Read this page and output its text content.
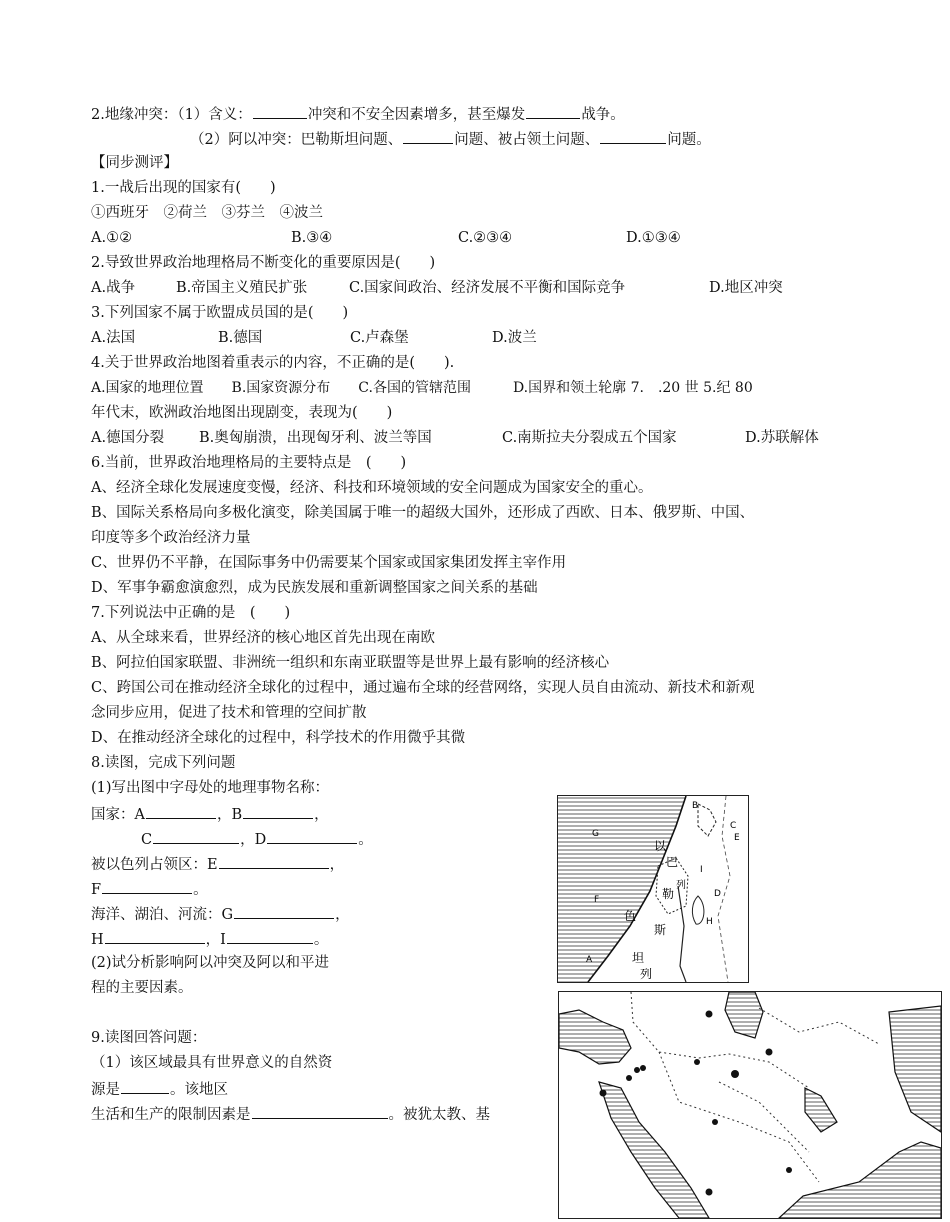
2.地缘冲突：（1）含义：	冲突和不安全因素增多，甚至爆发	战争。
（2）阿以冲突：巴勒斯坦问题、	问题、被占领土问题、	问题。
【同步测评】
1.一战后出现的国家有(　　)
①西班牙　②荷兰　③芬兰　④波兰
A.①②	B.③④	C.②③④	D.①③④
2.导致世界政治地理格局不断变化的重要原因是(　　)
A.战争	B.帝国主义殖民扩张	C.国家间政治、经济发展不平衡和国际竞争	D.地区冲突
3.下列国家不属于欧盟成员国的是(　　)
A.法国	B.德国	C.卢森堡	D.波兰
4.关于世界政治地图着重表示的内容，不正确的是(　　).
A.国家的地理位置　　B.国家资源分布　　C.各国的管辖范围　　　D.国界和领土轮廓 7.　.20 世 5.纪 80
年代末，欧洲政治地图出现剧变，表现为(　　)
A.德国分裂 B.奥匈崩溃，出现匈牙利、波兰等国	C.南斯拉夫分裂成五个国家	D.苏联解体
6.当前，世界政治地理格局的主要特点是　(　　)
A、经济全球化发展速度变慢，经济、科技和环境领域的安全问题成为国家安全的重心。
B、国际关系格局向多极化演变，除美国属于唯一的超级大国外，还形成了西欧、日本、俄罗斯、中国、
印度等多个政治经济力量
C、世界仍不平静，在国际事务中仍需要某个国家或国家集团发挥主宰作用
D、军事争霸愈演愈烈，成为民族发展和重新调整国家之间关系的基础
7.下列说法中正确的是　(　　)
A、从全球来看，世界经济的核心地区首先出现在南欧
B、阿拉伯国家联盟、非洲统一组织和东南亚联盟等是世界上最有影响的经济核心
C、跨国公司在推动经济全球化的过程中，通过遍布全球的经营网络，实现人员自由流动、新技术和新观
念同步应用，促进了技术和管理的空间扩散
D、在推动经济全球化的过程中，科学技术的作用微乎其微
8.读图，完成下列问题
(1)写出图中字母处的地理事物名称：
国家：A	，B	，
C	，D	。
被以色列占领区：E	，
F	。
海洋、湖泊、河流：G	，
H	，I	。
(2)试分析影响阿以冲突及阿以和平进
程的主要因素。
9.读图回答问题：
（1）该区域最具有世界意义的自然资
源是	。该地区
生活和生产的限制因素是	。被犹太教、基
B
C
E
G
I
D
F
H
A
以
巴
色
列
勒
斯
坦
列
